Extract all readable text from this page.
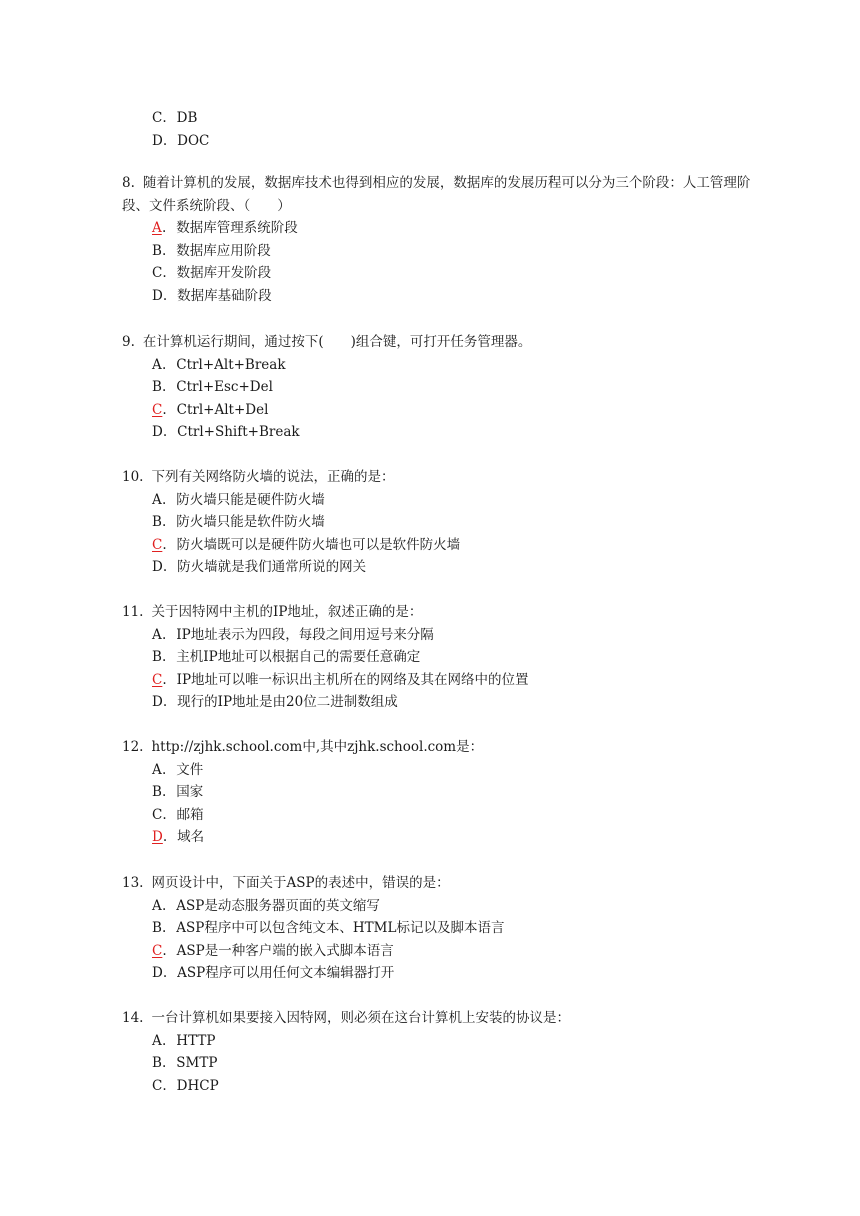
C. DB
D. DOC
8. 随着计算机的发展，数据库技术也得到相应的发展，数据库的发展历程可以分为三个阶段：人工管理阶段、文件系统阶段、（　　）
A. 数据库管理系统阶段
B. 数据库应用阶段
C. 数据库开发阶段
D. 数据库基础阶段
9. 在计算机运行期间，通过按下(　　)组合键，可打开任务管理器。
A. Ctrl+Alt+Break
B. Ctrl+Esc+Del
C. Ctrl+Alt+Del
D. Ctrl+Shift+Break
10. 下列有关网络防火墙的说法，正确的是：
A. 防火墙只能是硬件防火墙
B. 防火墙只能是软件防火墙
C. 防火墙既可以是硬件防火墙也可以是软件防火墙
D. 防火墙就是我们通常所说的网关
11. 关于因特网中主机的IP地址，叙述正确的是：
A. IP地址表示为四段，每段之间用逗号来分隔
B. 主机IP地址可以根据自己的需要任意确定
C. IP地址可以唯一标识出主机所在的网络及其在网络中的位置
D. 现行的IP地址是由20位二进制数组成
12. http://zjhk.school.com中,其中zjhk.school.com是：
A. 文件
B. 国家
C. 邮箱
D. 域名
13. 网页设计中，下面关于ASP的表述中，错误的是：
A. ASP是动态服务器页面的英文缩写
B. ASP程序中可以包含纯文本、HTML标记以及脚本语言
C. ASP是一种客户端的嵌入式脚本语言
D. ASP程序可以用任何文本编辑器打开
14. 一台计算机如果要接入因特网，则必须在这台计算机上安装的协议是：
A. HTTP
B. SMTP
C. DHCP
